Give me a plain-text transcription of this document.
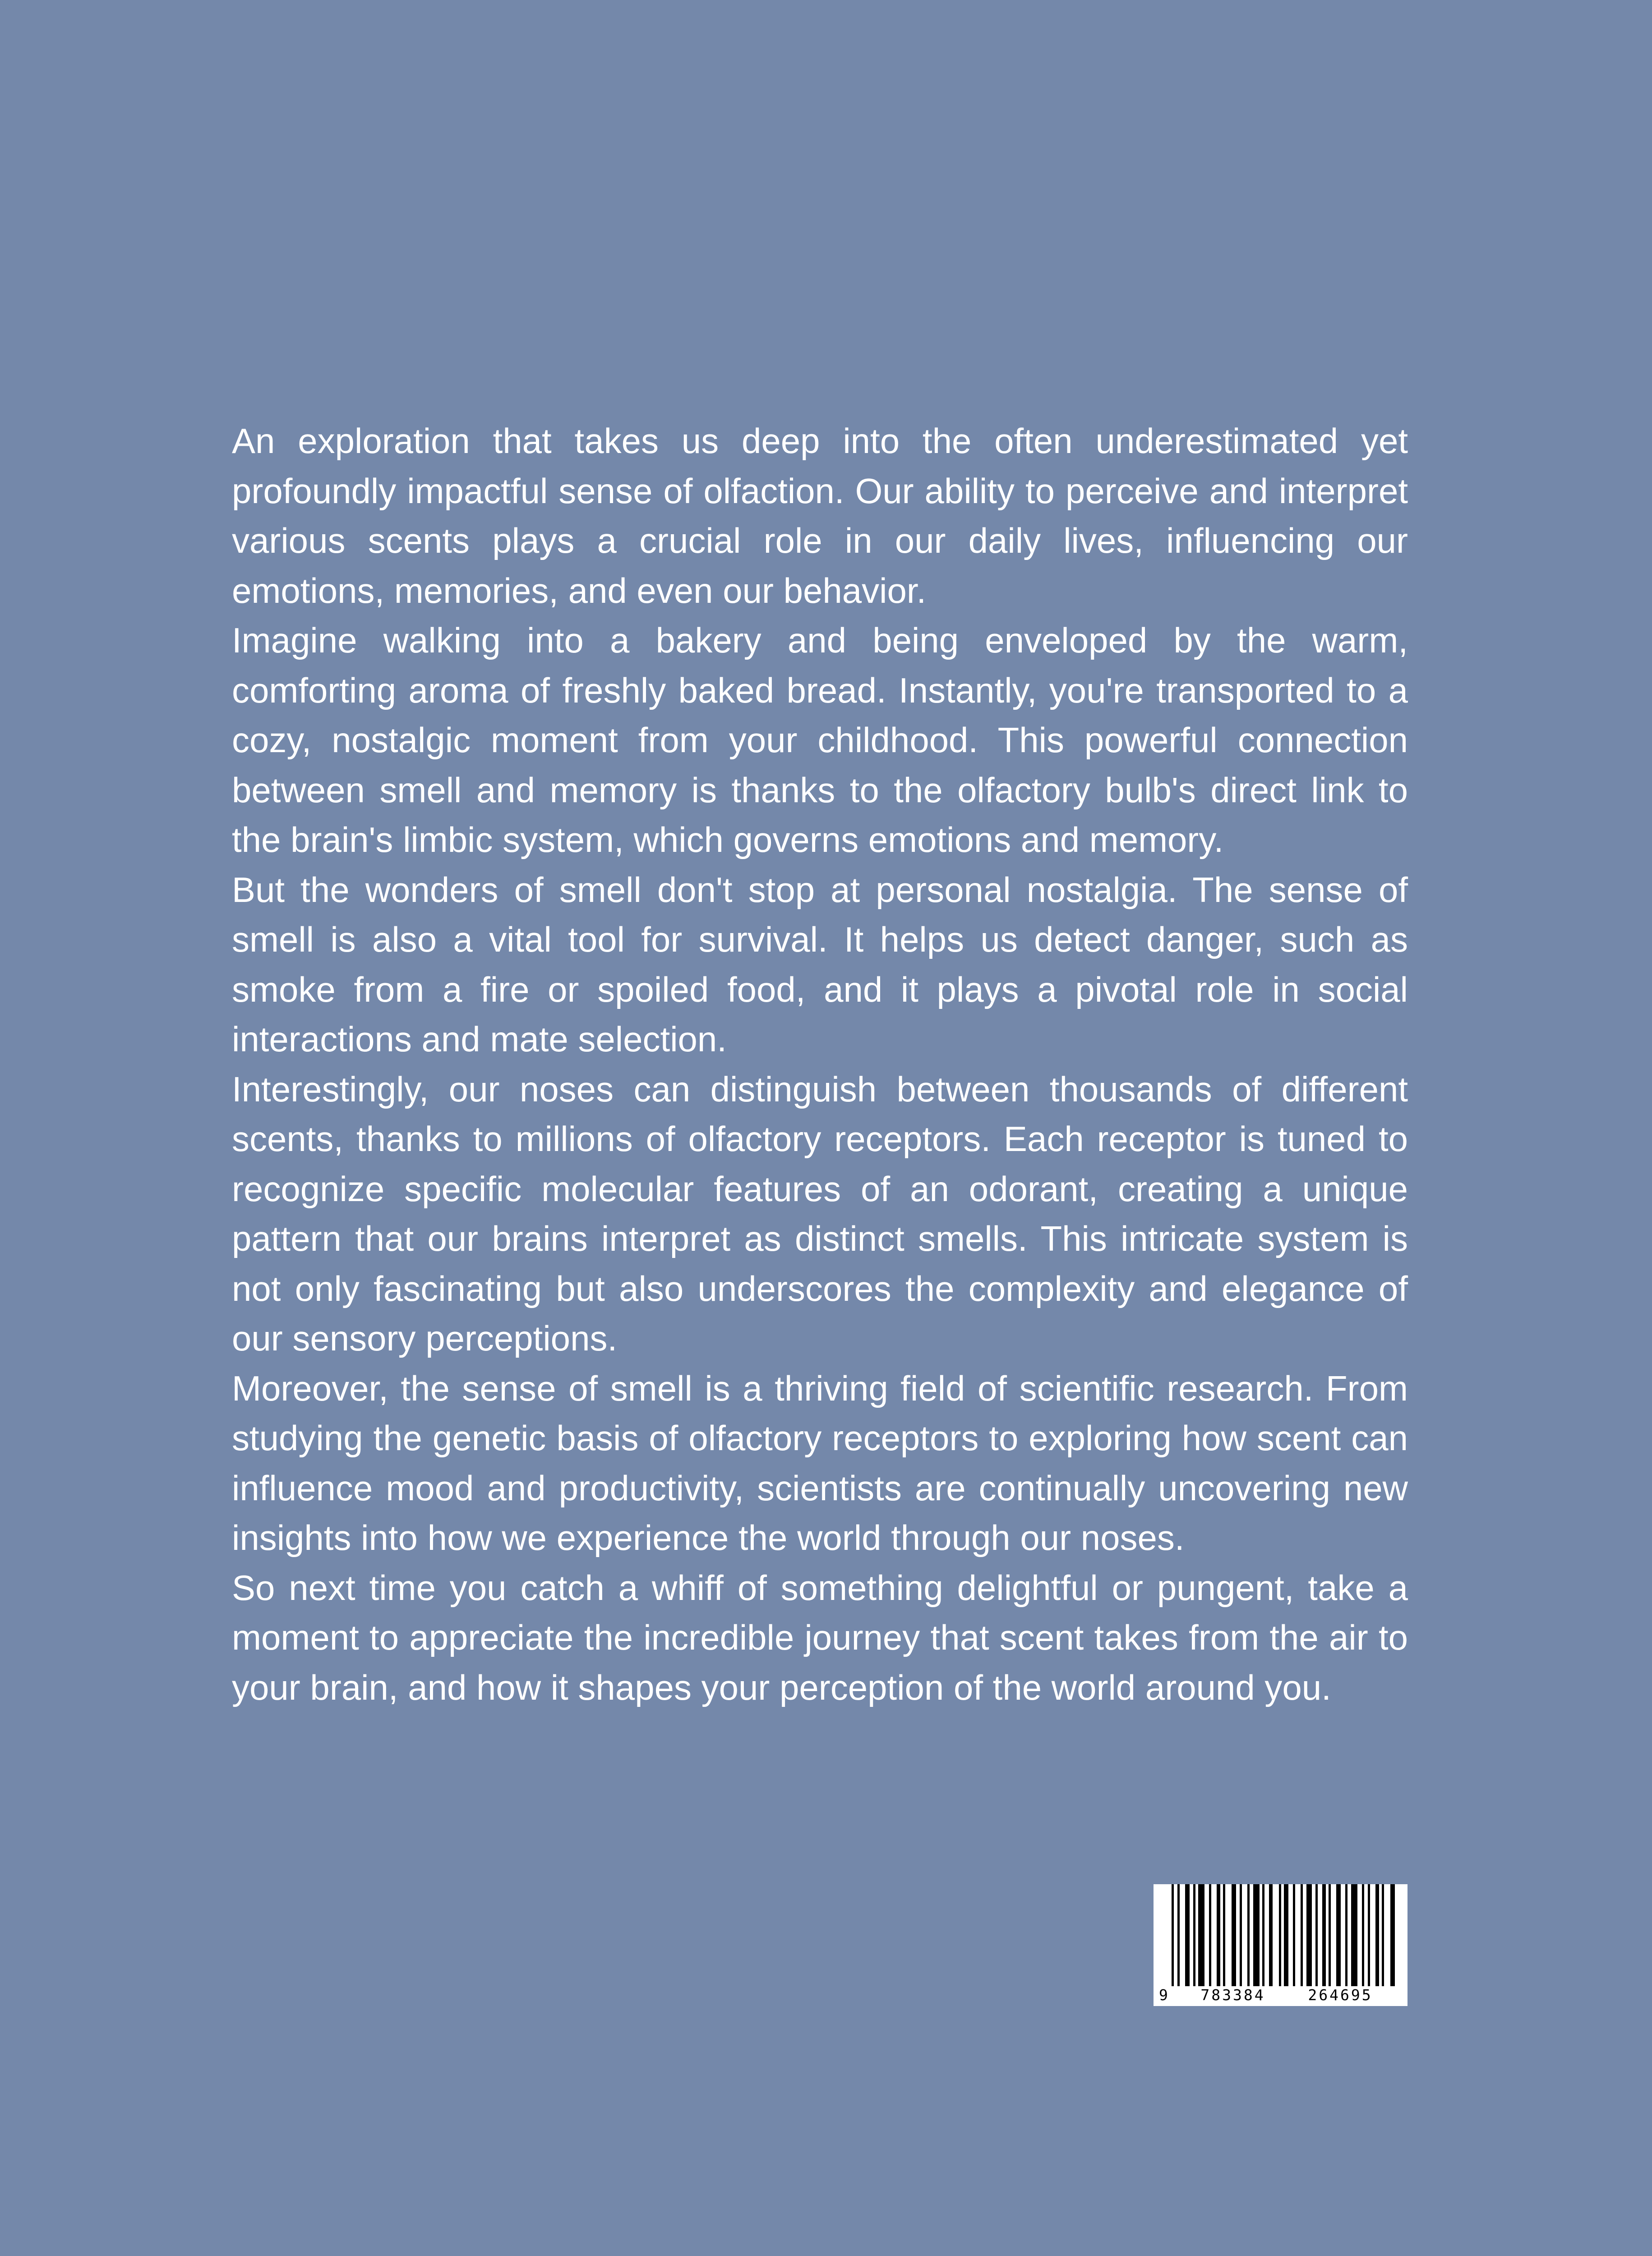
An exploration that takes us deep into the often underestimated yet profoundly impactful sense of olfaction. Our ability to perceive and interpret various scents plays a crucial role in our daily lives, influencing our emotions, memories, and even our behavior.

Imagine walking into a bakery and being enveloped by the warm, comforting aroma of freshly baked bread. Instantly, you're transported to a cozy, nostalgic moment from your childhood. This powerful connection between smell and memory is thanks to the olfactory bulb's direct link to the brain's limbic system, which governs emotions and memory.

But the wonders of smell don't stop at personal nostalgia. The sense of smell is also a vital tool for survival. It helps us detect danger, such as smoke from a fire or spoiled food, and it plays a pivotal role in social interactions and mate selection.

Interestingly, our noses can distinguish between thousands of different scents, thanks to millions of olfactory receptors. Each receptor is tuned to recognize specific molecular features of an odorant, creating a unique pattern that our brains interpret as distinct smells. This intricate system is not only fascinating but also underscores the complexity and elegance of our sensory perceptions.

Moreover, the sense of smell is a thriving field of scientific research. From studying the genetic basis of olfactory receptors to exploring how scent can influence mood and productivity, scientists are continually uncovering new insights into how we experience the world through our noses.

So next time you catch a whiff of something delightful or pungent, take a moment to appreciate the incredible journey that scent takes from the air to your brain, and how it shapes your perception of the world around you.

9	783384	264695
